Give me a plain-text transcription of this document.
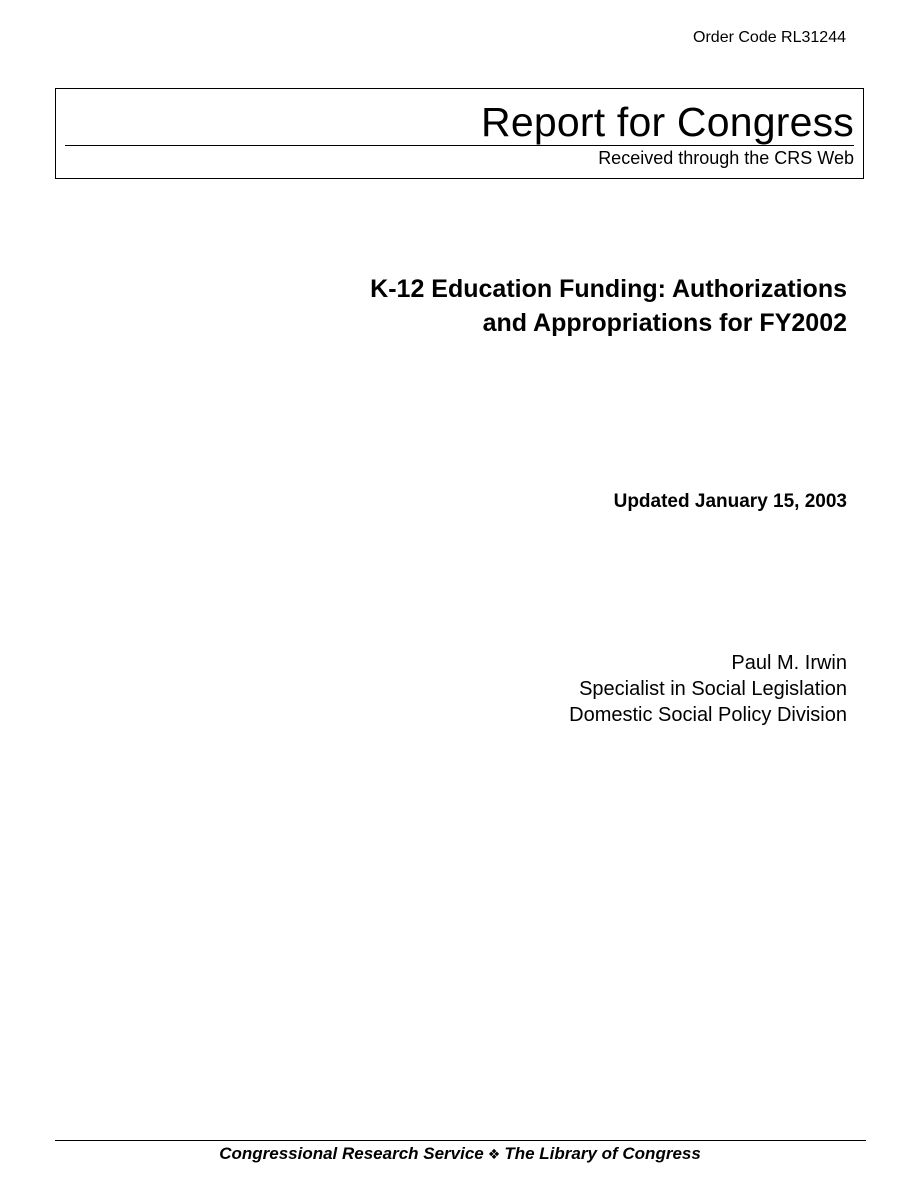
Order Code RL31244
Report for Congress
Received through the CRS Web
K-12 Education Funding: Authorizations
and Appropriations for FY2002
Updated January 15, 2003
Paul M. Irwin
Specialist in Social Legislation
Domestic Social Policy Division
Congressional Research Service ❖ The Library of Congress
